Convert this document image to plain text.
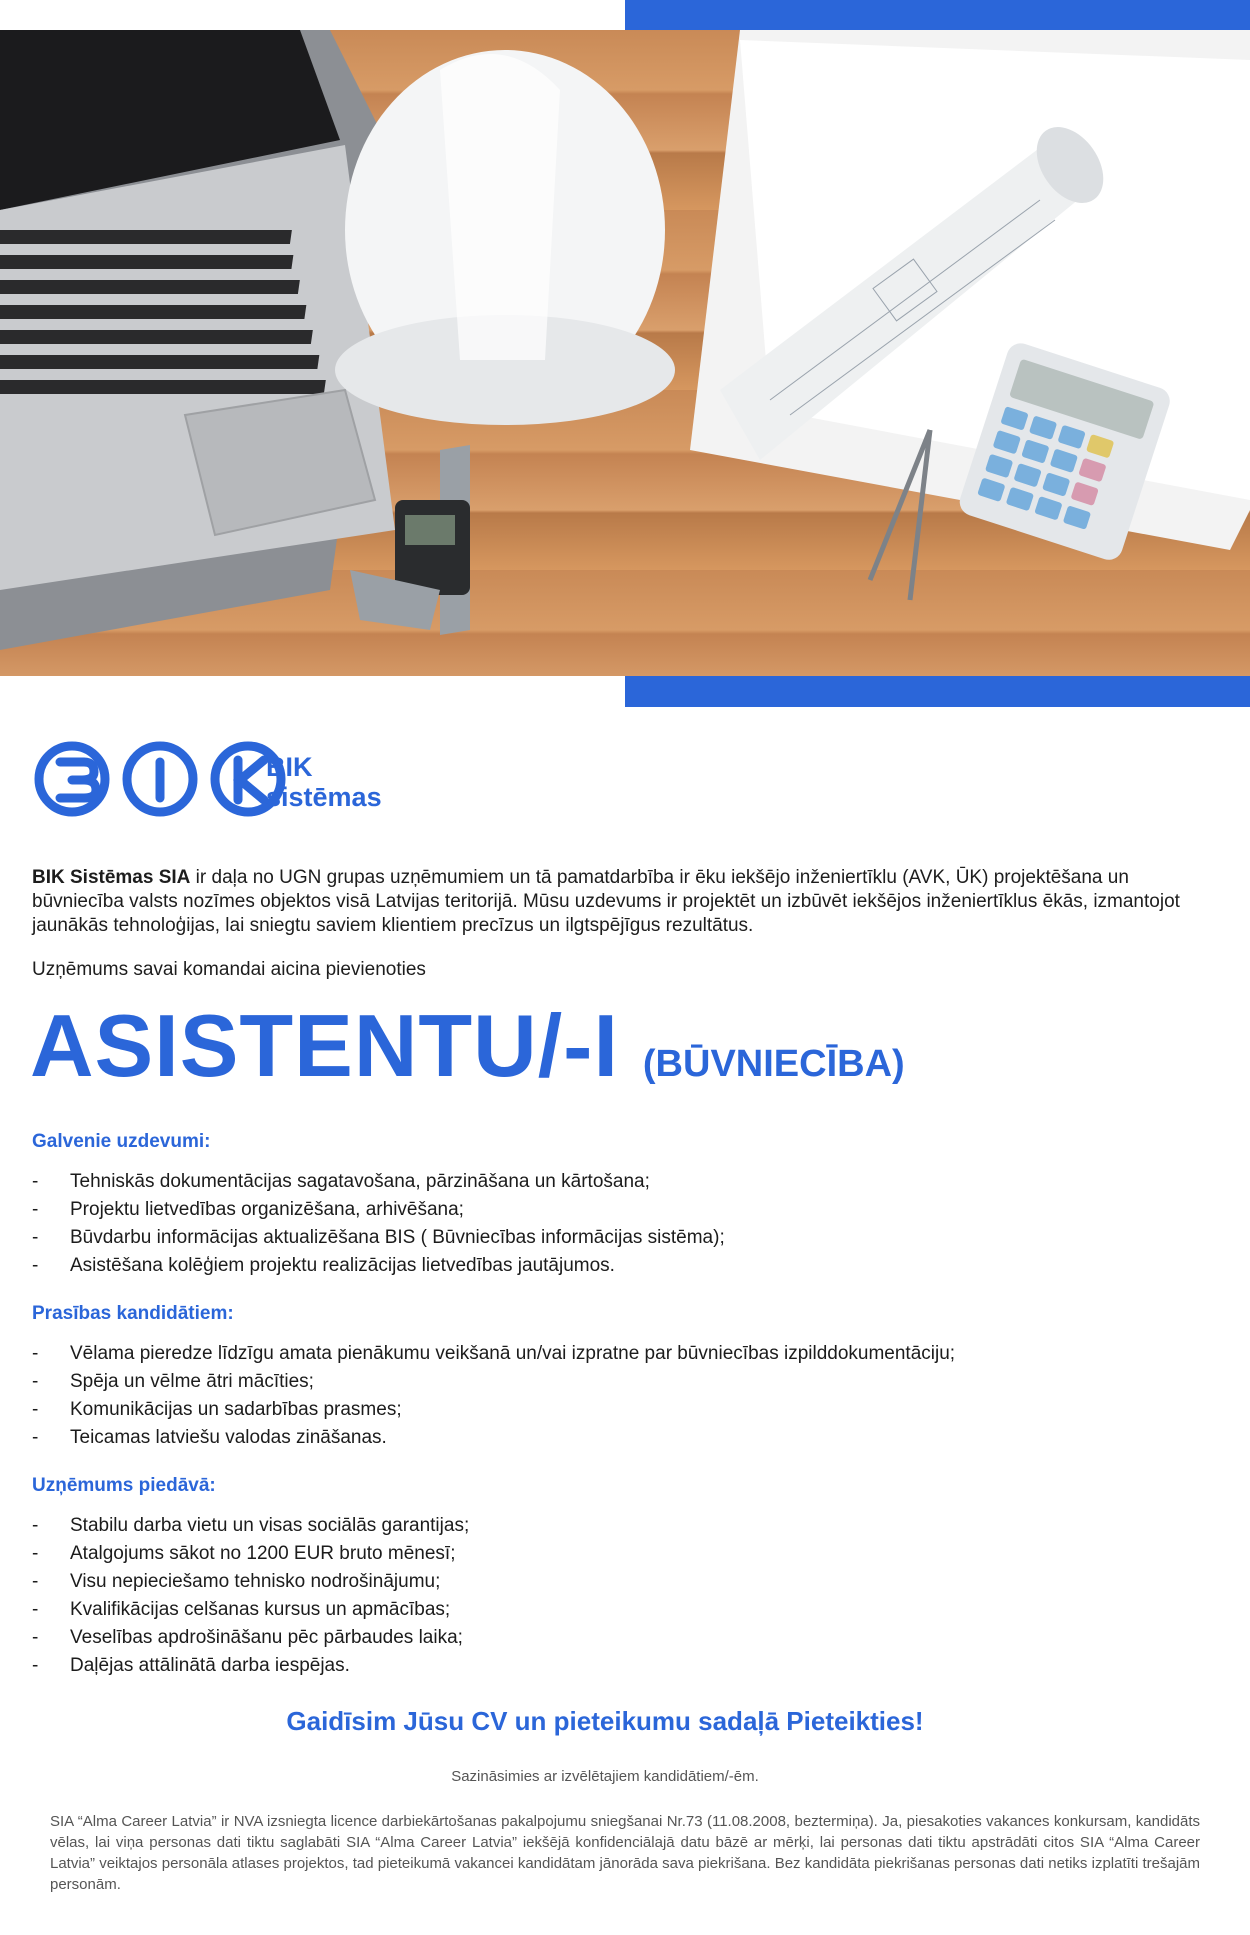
BIK
sistēmas

BIK Sistēmas SIA ir daļa no UGN grupas uzņēmumiem un tā pamatdarbība ir ēku iekšējo inženiertīklu (AVK, ŪK) projektēšana un būvniecība valsts nozīmes objektos visā Latvijas teritorijā. Mūsu uzdevums ir projektēt un izbūvēt iekšējos inženiertīklus ēkās, izmantojot jaunākās tehnoloģijas, lai sniegtu saviem klientiem precīzus un ilgtspējīgus rezultātus.

Uzņēmums savai komandai aicina pievienoties

ASISTENTU/-I (BŪVNIECĪBA)
Galvenie uzdevumi:
- Tehniskās dokumentācijas sagatavošana, pārzināšana un kārtošana;
- Projektu lietvedības organizēšana, arhivēšana;
- Būvdarbu informācijas aktualizēšana BIS ( Būvniecības informācijas sistēma);
- Asistēšana kolēģiem projektu realizācijas lietvedības jautājumos.
Prasības kandidātiem:
- Vēlama pieredze līdzīgu amata pienākumu veikšanā un/vai izpratne par būvniecības izpilddokumentāciju;
- Spēja un vēlme ātri mācīties;
- Komunikācijas un sadarbības prasmes;
- Teicamas latviešu valodas zināšanas.
Uzņēmums piedāvā:
- Stabilu darba vietu un visas sociālās garantijas;
- Atalgojums sākot no 1200 EUR bruto mēnesī;
- Visu nepieciešamo tehnisko nodrošinājumu;
- Kvalifikācijas celšanas kursus un apmācības;
- Veselības apdrošināšanu pēc pārbaudes laika;
- Daļējas attālinātā darba iespējas.

Gaidīsim Jūsu CV un pieteikumu sadaļā Pieteikties!

Sazināsimies ar izvēlētajiem kandidātiem/-ēm.

SIA “Alma Career Latvia” ir NVA izsniegta licence darbiekārtošanas pakalpojumu sniegšanai Nr.73 (11.08.2008, beztermiņa). Ja, piesakoties vakances konkursam, kandidāts vēlas, lai viņa personas dati tiktu saglabāti SIA “Alma Career Latvia” iekšējā konfidenciālajā datu bāzē ar mērķi, lai personas dati tiktu apstrādāti citos SIA “Alma Career Latvia” veiktajos personāla atlases projektos, tad pieteikumā vakancei kandidātam jānorāda sava piekrišana. Bez kandidāta piekrišanas personas dati netiks izplatīti trešajām personām.
